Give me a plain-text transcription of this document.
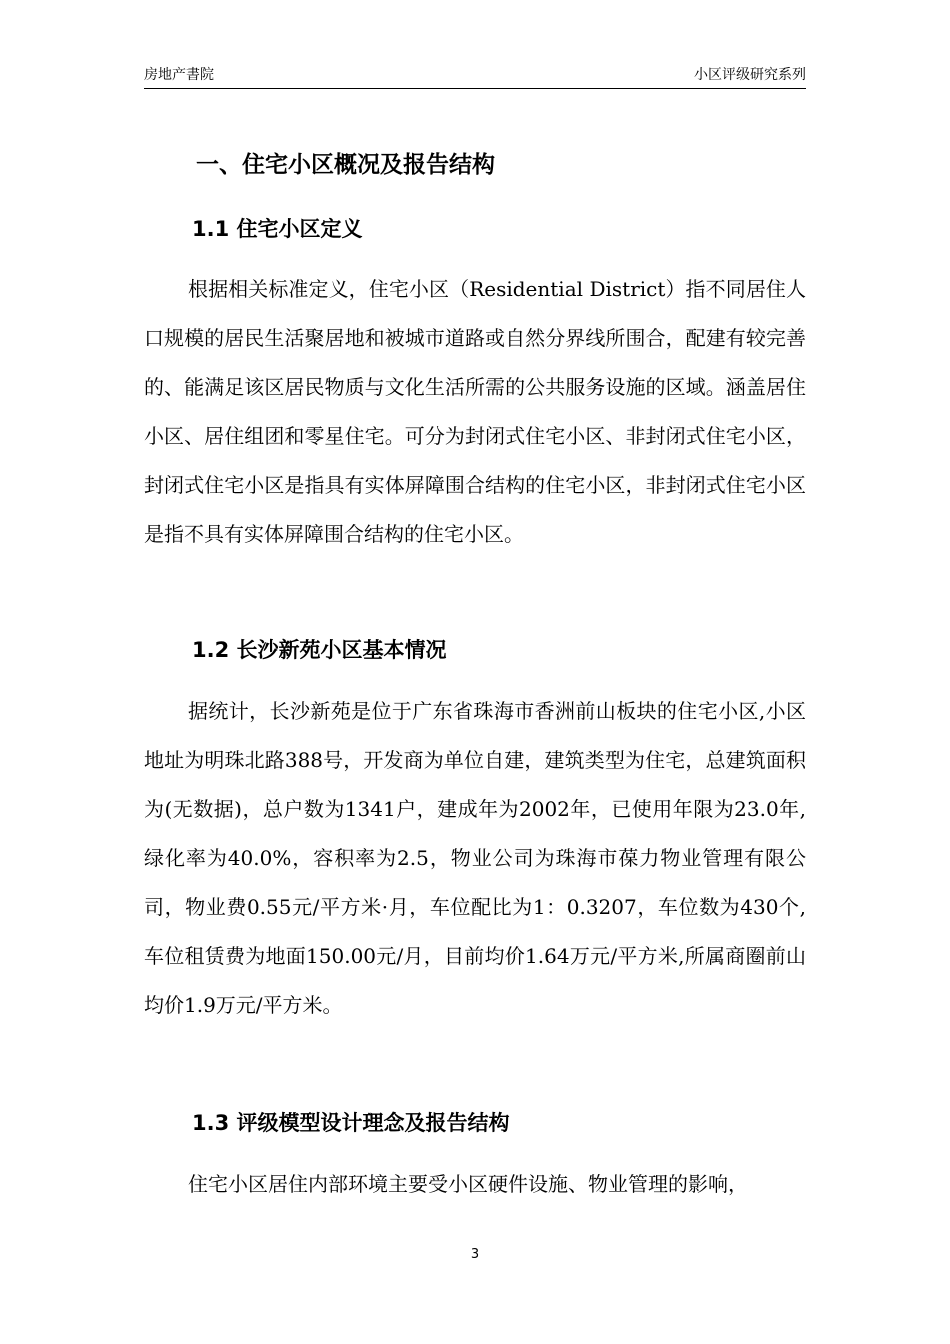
房地产書院	小区评级研究系列
一、住宅小区概况及报告结构
1.1 住宅小区定义

根据相关标准定义，住宅小区（Residential District）指不同居住人口规模的居民生活聚居地和被城市道路或自然分界线所围合，配建有较完善的、能满足该区居民物质与文化生活所需的公共服务设施的区域。涵盖居住小区、居住组团和零星住宅。可分为封闭式住宅小区、非封闭式住宅小区，封闭式住宅小区是指具有实体屏障围合结构的住宅小区，非封闭式住宅小区是指不具有实体屏障围合结构的住宅小区。

1.2 长沙新苑小区基本情况

据统计，长沙新苑是位于广东省珠海市香洲前山板块的住宅小区,小区地址为明珠北路388号，开发商为单位自建，建筑类型为住宅，总建筑面积为(无数据)，总户数为1341户，建成年为2002年，已使用年限为23.0年,绿化率为40.0%，容积率为2.5，物业公司为珠海市葆力物业管理有限公司，物业费0.55元/平方米·月，车位配比为1：0.3207，车位数为430个,车位租赁费为地面150.00元/月，目前均价1.64万元/平方米,所属商圈前山均价1.9万元/平方米。

1.3 评级模型设计理念及报告结构

住宅小区居住内部环境主要受小区硬件设施、物业管理的影响，

3
